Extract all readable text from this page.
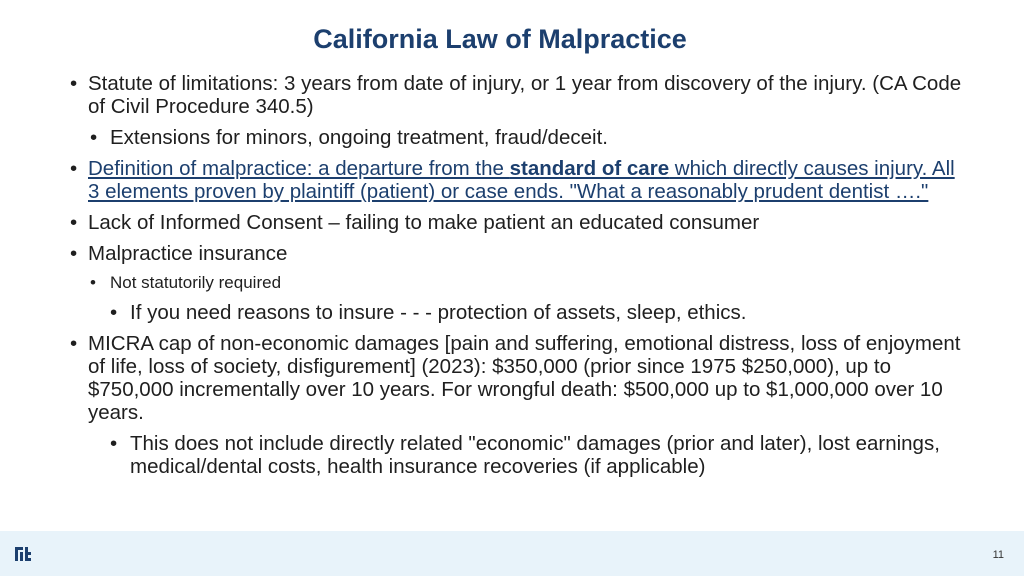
California Law of Malpractice
• Statute of limitations: 3 years from date of injury, or 1 year from discovery of the injury. (CA Code of Civil Procedure 340.5)
• Extensions for minors, ongoing treatment, fraud/deceit.
• Definition of malpractice: a departure from the standard of care which directly causes injury. All 3 elements proven by plaintiff (patient) or case ends. "What a reasonably prudent dentist …."
• Lack of Informed Consent – failing to make patient an educated consumer
• Malpractice insurance
• Not statutorily required
• If you need reasons to insure - - - protection of assets, sleep, ethics.
• MICRA cap of non-economic damages [pain and suffering, emotional distress, loss of enjoyment of life, loss of society, disfigurement] (2023): $350,000 (prior since 1975 $250,000), up to $750,000 incrementally over 10 years. For wrongful death: $500,000 up to $1,000,000 over 10 years.
• This does not include directly related "economic" damages (prior and later), lost earnings, medical/dental costs, health insurance recoveries (if applicable)
11
